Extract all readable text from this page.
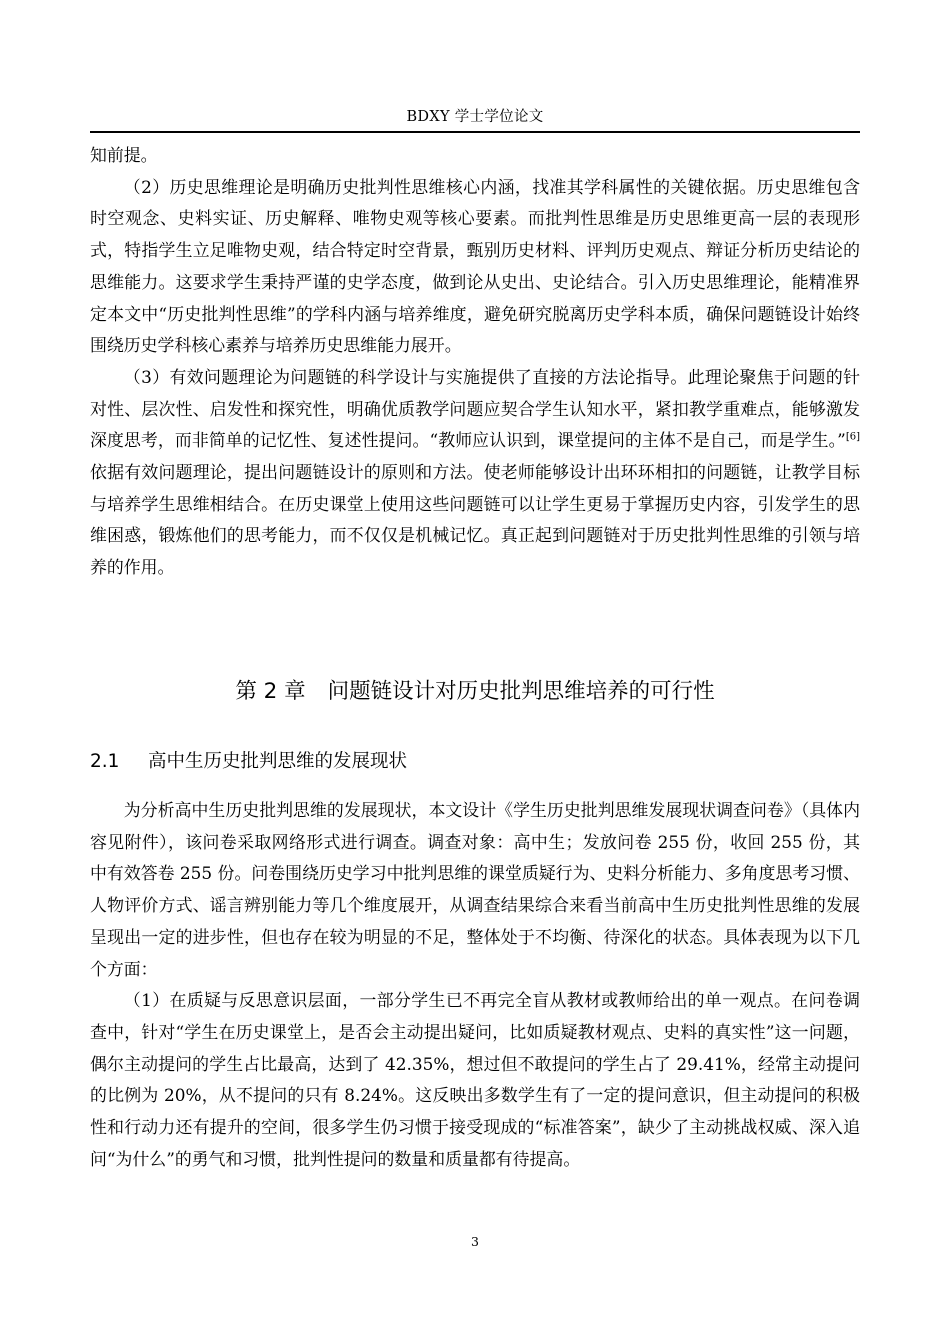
BDXY 学士学位论文

知前提。

（2）历史思维理论是明确历史批判性思维核心内涵，找准其学科属性的关键依据。历史思维包含时空观念、史料实证、历史解释、唯物史观等核心要素。而批判性思维是历史思维更高一层的表现形式，特指学生立足唯物史观，结合特定时空背景，甄别历史材料、评判历史观点、辩证分析历史结论的思维能力。这要求学生秉持严谨的史学态度，做到论从史出、史论结合。引入历史思维理论，能精准界定本文中“历史批判性思维”的学科内涵与培养维度，避免研究脱离历史学科本质，确保问题链设计始终围绕历史学科核心素养与培养历史思维能力展开。

（3）有效问题理论为问题链的科学设计与实施提供了直接的方法论指导。此理论聚焦于问题的针对性、层次性、启发性和探究性，明确优质教学问题应契合学生认知水平，紧扣教学重难点，能够激发深度思考，而非简单的记忆性、复述性提问。“教师应认识到，课堂提问的主体不是自己，而是学生。”[6]依据有效问题理论，提出问题链设计的原则和方法。使老师能够设计出环环相扣的问题链，让教学目标与培养学生思维相结合。在历史课堂上使用这些问题链可以让学生更易于掌握历史内容，引发学生的思维困惑，锻炼他们的思考能力，而不仅仅是机械记忆。真正起到问题链对于历史批判性思维的引领与培养的作用。

第 2 章 问题链设计对历史批判思维培养的可行性
2.1 高中生历史批判思维的发展现状

为分析高中生历史批判思维的发展现状，本文设计《学生历史批判思维发展现状调查问卷》（具体内容见附件），该问卷采取网络形式进行调查。调查对象：高中生；发放问卷 255 份，收回 255 份，其中有效答卷 255 份。问卷围绕历史学习中批判思维的课堂质疑行为、史料分析能力、多角度思考习惯、人物评价方式、谣言辨别能力等几个维度展开，从调查结果综合来看当前高中生历史批判性思维的发展呈现出一定的进步性，但也存在较为明显的不足，整体处于不均衡、待深化的状态。具体表现为以下几个方面：

（1）在质疑与反思意识层面，一部分学生已不再完全盲从教材或教师给出的单一观点。在问卷调查中，针对“学生在历史课堂上，是否会主动提出疑问，比如质疑教材观点、史料的真实性”这一问题，偶尔主动提问的学生占比最高，达到了 42.35%，想过但不敢提问的学生占了 29.41%，经常主动提问的比例为 20%，从不提问的只有 8.24%。这反映出多数学生有了一定的提问意识，但主动提问的积极性和行动力还有提升的空间，很多学生仍习惯于接受现成的“标准答案”，缺少了主动挑战权威、深入追问“为什么”的勇气和习惯，批判性提问的数量和质量都有待提高。

3
